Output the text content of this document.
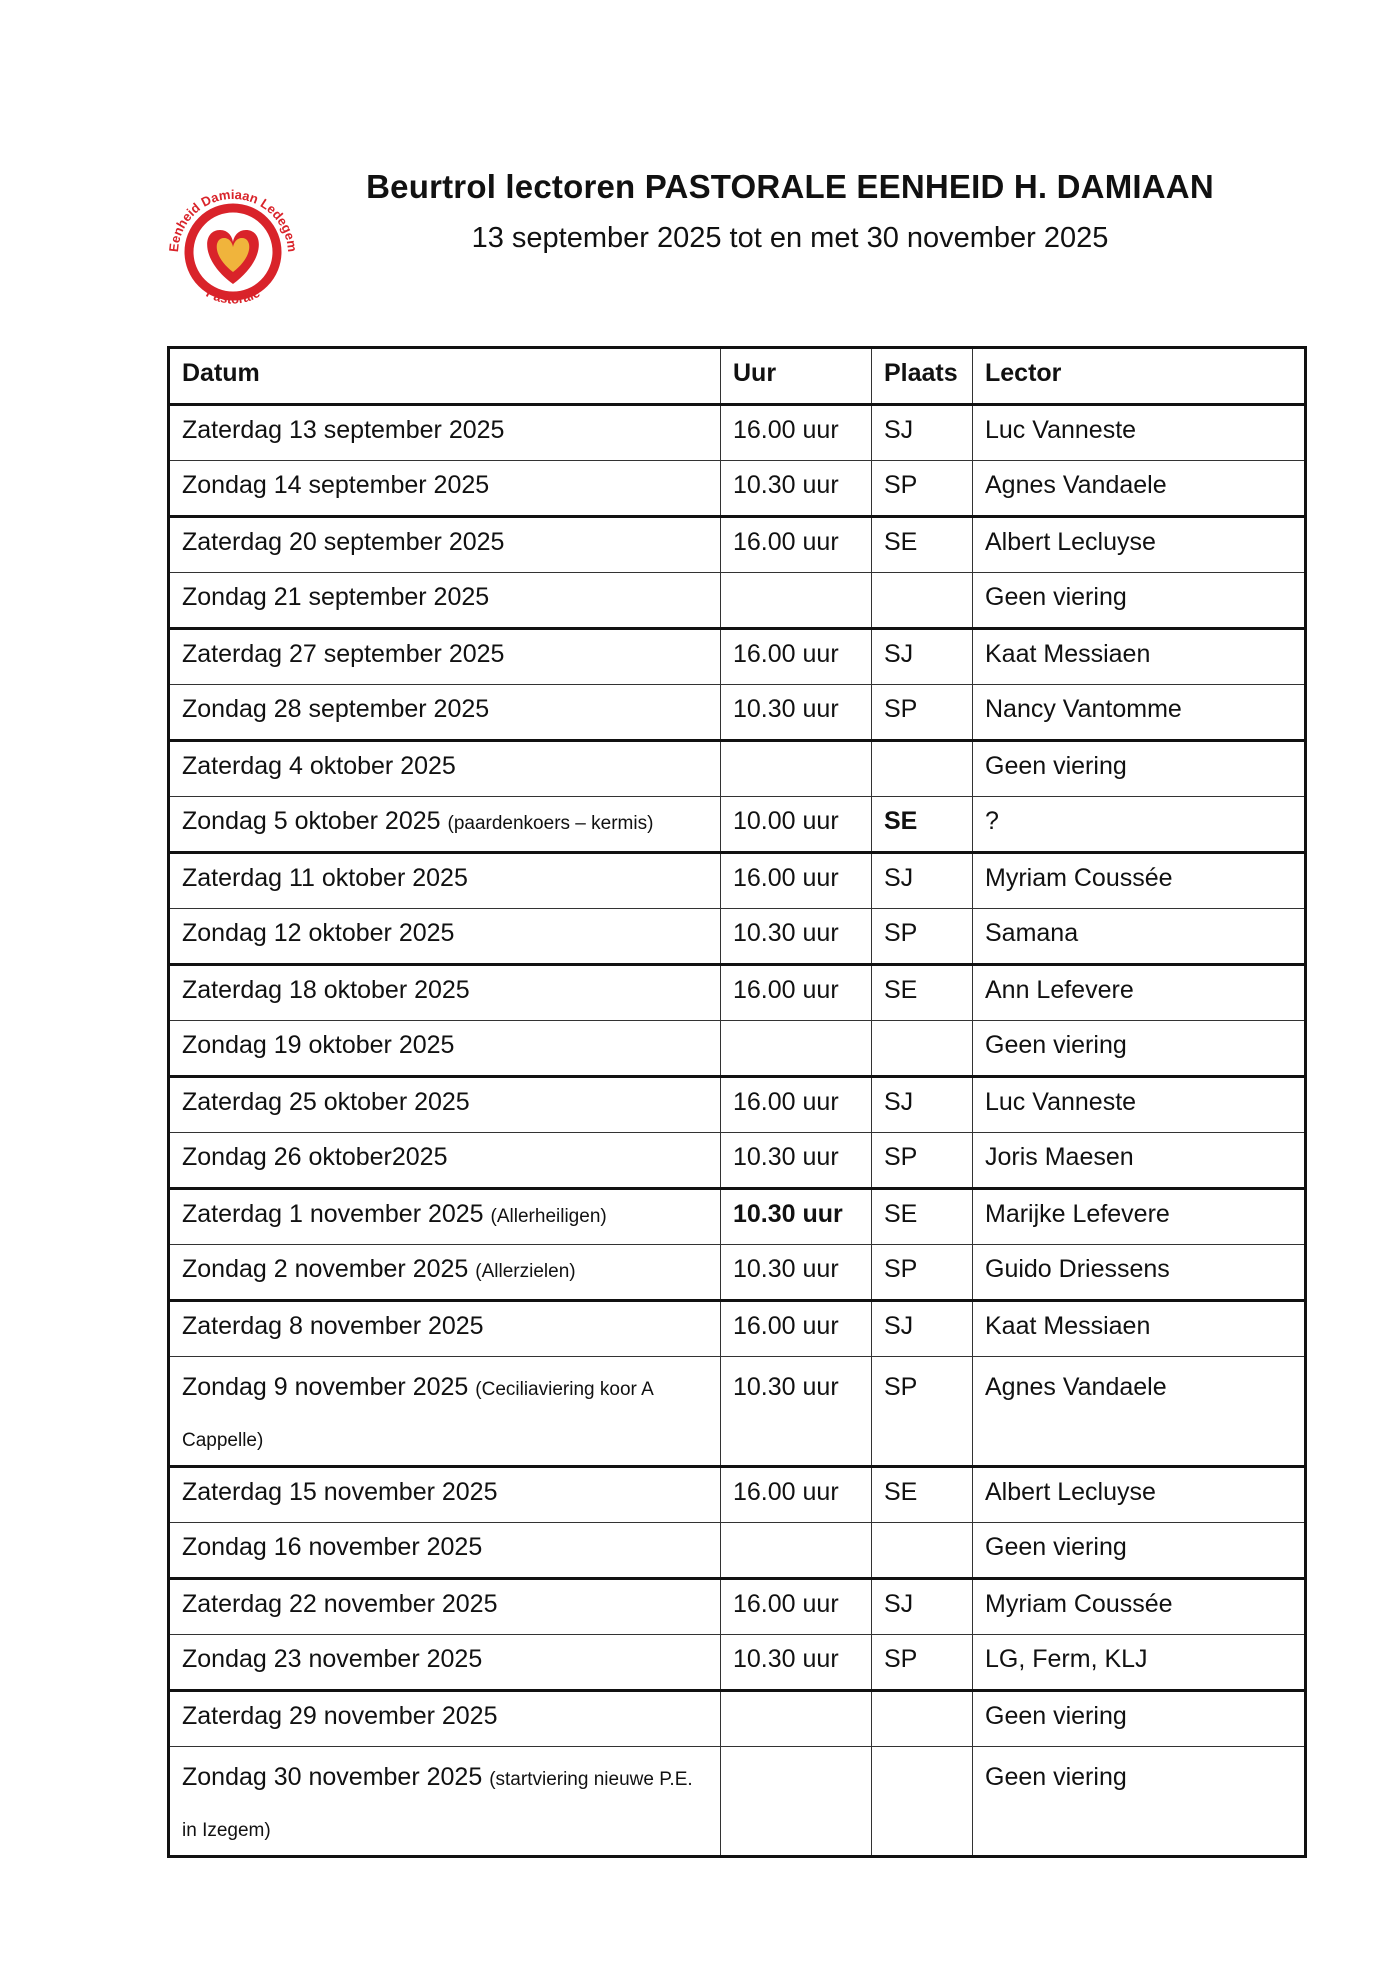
Eenheid Damiaan Ledegem
Pastorale
Beurtrol lectoren PASTORALE EENHEID H. DAMIAAN
13 september 2025 tot en met 30 november 2025
Datum	Uur	Plaats	Lector
Zaterdag 13 september 2025	16.00 uur	SJ	Luc Vanneste
Zondag 14 september 2025	10.30 uur	SP	Agnes Vandaele
Zaterdag 20 september 2025	16.00 uur	SE	Albert Lecluyse
Zondag 21 september 2025			Geen viering
Zaterdag 27 september 2025	16.00 uur	SJ	Kaat Messiaen
Zondag 28 september 2025	10.30 uur	SP	Nancy Vantomme
Zaterdag 4 oktober 2025			Geen viering
Zondag 5 oktober 2025 (paardenkoers – kermis)	10.00 uur	SE	?
Zaterdag 11 oktober 2025	16.00 uur	SJ	Myriam Coussée
Zondag 12 oktober 2025	10.30 uur	SP	Samana
Zaterdag 18 oktober 2025	16.00 uur	SE	Ann Lefevere
Zondag 19 oktober 2025			Geen viering
Zaterdag 25 oktober 2025	16.00 uur	SJ	Luc Vanneste
Zondag 26 oktober2025	10.30 uur	SP	Joris Maesen
Zaterdag 1 november 2025 (Allerheiligen)	10.30 uur	SE	Marijke Lefevere
Zondag 2 november 2025 (Allerzielen)	10.30 uur	SP	Guido Driessens
Zaterdag 8 november 2025	16.00 uur	SJ	Kaat Messiaen
Zondag 9 november 2025 (Ceciliaviering koor A Cappelle)	10.30 uur	SP	Agnes Vandaele
Zaterdag 15 november 2025	16.00 uur	SE	Albert Lecluyse
Zondag 16 november 2025			Geen viering
Zaterdag 22 november 2025	16.00 uur	SJ	Myriam Coussée
Zondag 23 november 2025	10.30 uur	SP	LG, Ferm, KLJ
Zaterdag 29 november 2025			Geen viering
Zondag 30 november 2025 (startviering nieuwe P.E. in Izegem)			Geen viering
